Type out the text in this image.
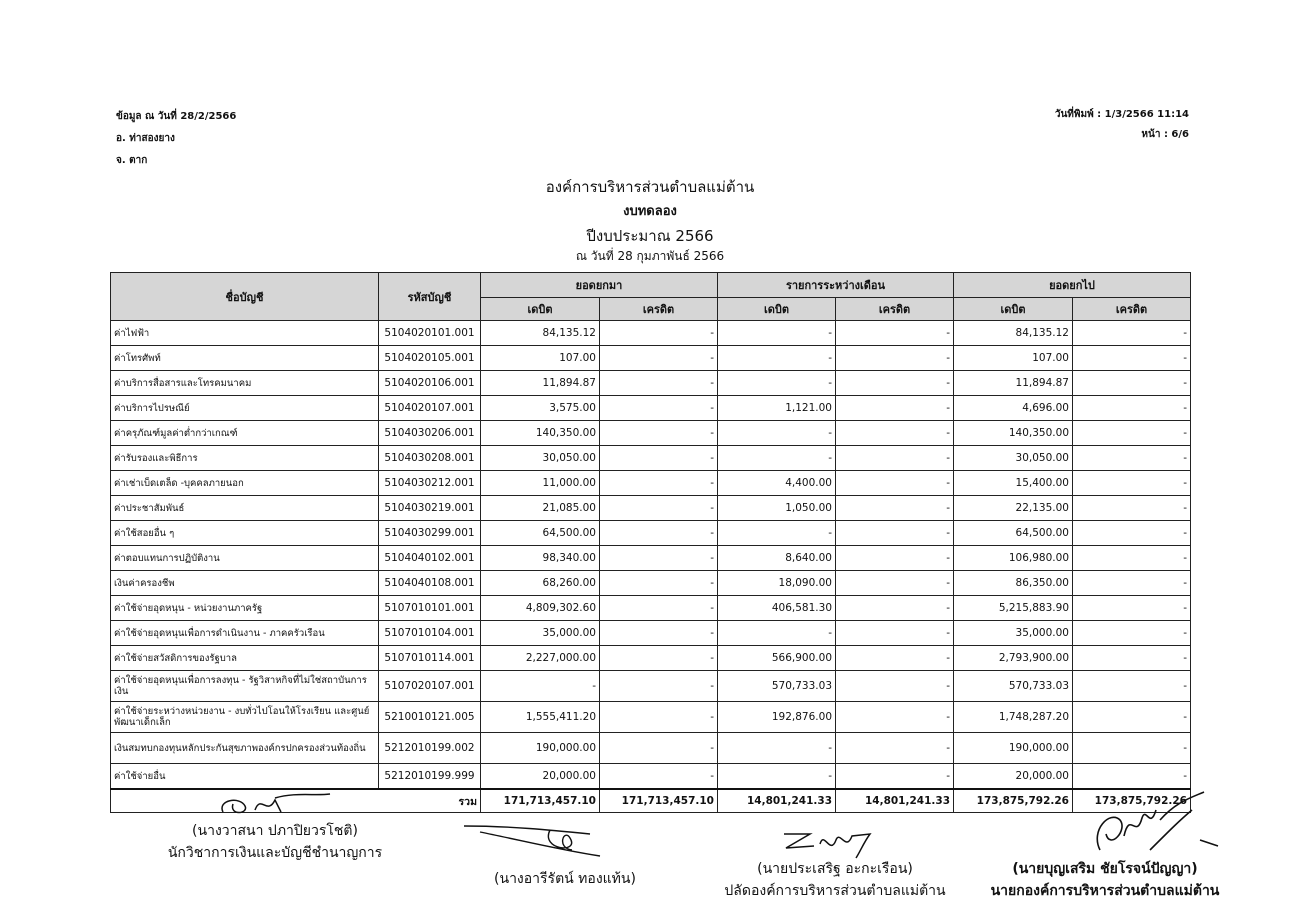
ข้อมูล ณ วันที่ 28/2/2566
อ. ท่าสองยาง
จ. ตาก
วันที่พิมพ์ : 1/3/2566 11:14
หน้า : 6/6
องค์การบริหารส่วนตำบลแม่ต้าน
งบทดลอง
ปีงบประมาณ 2566
ณ วันที่ 28 กุมภาพันธ์ 2566
ชื่อบัญชี	รหัสบัญชี	ยอดยกมา		รายการระหว่างเดือน		ยอดยกไป	
		เดบิต	เครดิต	เดบิต	เครดิต	เดบิต	เครดิต
ค่าไฟฟ้า	5104020101.001	84,135.12	-	-	-	84,135.12	-
ค่าโทรศัพท์	5104020105.001	107.00	-	-	-	107.00	-
ค่าบริการสื่อสารและโทรคมนาคม	5104020106.001	11,894.87	-	-	-	11,894.87	-
ค่าบริการไปรษณีย์	5104020107.001	3,575.00	-	1,121.00	-	4,696.00	-
ค่าครุภัณฑ์มูลค่าต่ำกว่าเกณฑ์	5104030206.001	140,350.00	-	-	-	140,350.00	-
ค่ารับรองและพิธีการ	5104030208.001	30,050.00	-	-	-	30,050.00	-
ค่าเช่าเบ็ดเตล็ด -บุคคลภายนอก	5104030212.001	11,000.00	-	4,400.00	-	15,400.00	-
ค่าประชาสัมพันธ์	5104030219.001	21,085.00	-	1,050.00	-	22,135.00	-
ค่าใช้สอยอื่น ๆ	5104030299.001	64,500.00	-	-	-	64,500.00	-
ค่าตอบแทนการปฏิบัติงาน	5104040102.001	98,340.00	-	8,640.00	-	106,980.00	-
เงินค่าครองชีพ	5104040108.001	68,260.00	-	18,090.00	-	86,350.00	-
ค่าใช้จ่ายอุดหนุน - หน่วยงานภาครัฐ	5107010101.001	4,809,302.60	-	406,581.30	-	5,215,883.90	-
ค่าใช้จ่ายอุดหนุนเพื่อการดำเนินงาน - ภาคครัวเรือน	5107010104.001	35,000.00	-	-	-	35,000.00	-
ค่าใช้จ่ายสวัสดิการของรัฐบาล	5107010114.001	2,227,000.00	-	566,900.00	-	2,793,900.00	-
ค่าใช้จ่ายอุดหนุนเพื่อการลงทุน - รัฐวิสาหกิจที่ไม่ใช่สถาบันการเงิน	5107020107.001	-	-	570,733.03	-	570,733.03	-
ค่าใช้จ่ายระหว่างหน่วยงาน - งบทั่วไปโอนให้โรงเรียน และศูนย์พัฒนาเด็กเล็ก	5210010121.005	1,555,411.20	-	192,876.00	-	1,748,287.20	-
เงินสมทบกองทุนหลักประกันสุขภาพองค์กรปกครองส่วนท้องถิ่น	5212010199.002	190,000.00	-	-	-	190,000.00	-
ค่าใช้จ่ายอื่น	5212010199.999	20,000.00	-	-	-	20,000.00	-
รวม		171,713,457.10	171,713,457.10	14,801,241.33	14,801,241.33	173,875,792.26	173,875,792.26
(นางวาสนา ปภาปิยวรโชติ)
นักวิชาการเงินและบัญชีชำนาญการ
(นางอารีรัตน์ ทองแท้น)
(นายประเสริฐ อะกะเรือน)
ปลัดองค์การบริหารส่วนตำบลแม่ต้าน
(นายบุญเสริม ชัยโรจน์ปัญญา)
นายกองค์การบริหารส่วนตำบลแม่ต้าน
